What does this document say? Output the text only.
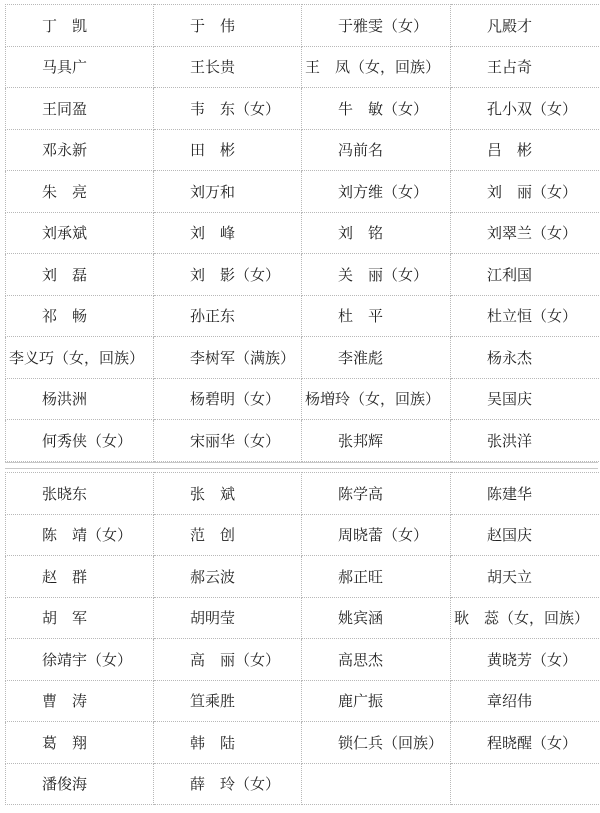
丁　凯	于　伟	于雅雯（女）	凡殿才

马具广	王长贵	王　凤（女，回族）	王占奇

王同盈	韦　东（女）	牛　敏（女）	孔小双（女）

邓永新	田　彬	冯前名	吕　彬

朱　亮	刘万和	刘方维（女）	刘　丽（女）

刘承斌	刘　峰	刘　铭	刘翠兰（女）

刘　磊	刘　影（女）	关　丽（女）	江利国

祁　畅	孙正东	杜　平	杜立恒（女）

李义巧（女，回族）	李树军（满族）	李淮彪	杨永杰

杨洪洲	杨碧明（女）	杨増玲（女，回族）	吴国庆

何秀侠（女）	宋丽华（女）	张邦辉	张洪洋
张晓东	张　斌	陈学高	陈建华

陈　靖（女）	范　创	周晓蕾（女）	赵国庆

赵　群	郝云波	郝正旺	胡天立

胡　军	胡明莹	姚宾涵	耿　蕊（女，回族）

徐靖宇（女）	高　丽（女）	高思杰	黄晓芳（女）

曹　涛	笪乘胜	鹿广振	章绍伟

葛　翔	韩　陆	锁仁兵（回族）	程晓醒（女）

潘俊海	薛　玲（女）		
